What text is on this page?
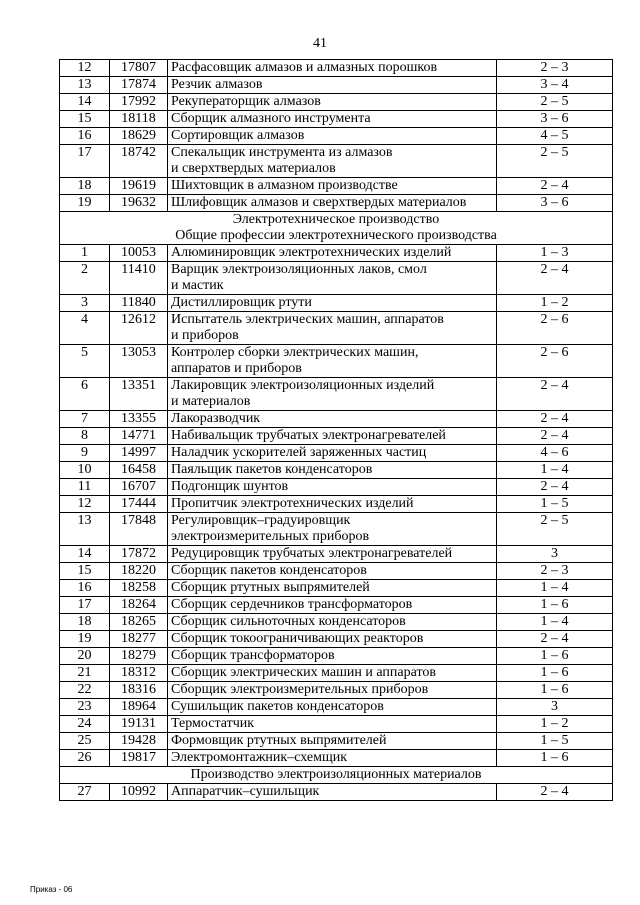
41
12	17807	Расфасовщик алмазов и алмазных порошков	2 – 3
13	17874	Резчик алмазов	3 – 4
14	17992	Рекуператорщик алмазов	2 – 5
15	18118	Сборщик алмазного инструмента	3 – 6
16	18629	Сортировщик алмазов	4 – 5
17	18742	Спекальщик инструмента из алмазов
и сверхтвердых материалов	2 – 5
18	19619	Шихтовщик в алмазном производстве	2 – 4
19	19632	Шлифовщик алмазов и сверхтвердых материалов	3 – 6

Электротехническое производство
Общие профессии электротехнического производства			

1	10053	Алюминировщик электротехнических изделий	1 – 3
2	11410	Варщик электроизоляционных лаков, смол
и мастик	2 – 4
3	11840	Дистиллировщик ртути	1 – 2
4	12612	Испытатель электрических машин, аппаратов
и приборов	2 – 6
5	13053	Контролер сборки электрических машин,
аппаратов и приборов	2 – 6
6	13351	Лакировщик электроизоляционных изделий
и материалов	2 – 4
7	13355	Лакоразводчик	2 – 4
8	14771	Набивальщик трубчатых электронагревателей	2 – 4
9	14997	Наладчик ускорителей заряженных частиц	4 – 6
10	16458	Паяльщик пакетов конденсаторов	1 – 4
11	16707	Подгонщик шунтов	2 – 4
12	17444	Пропитчик электротехнических изделий	1 – 5
13	17848	Регулировщик–градуировщик
электроизмерительных приборов	2 – 5
14	17872	Редуцировщик трубчатых электронагревателей	3
15	18220	Сборщик пакетов конденсаторов	2 – 3
16	18258	Сборщик ртутных выпрямителей	1 – 4
17	18264	Сборщик сердечников трансформаторов	1 – 6
18	18265	Сборщик сильноточных конденсаторов	1 – 4
19	18277	Сборщик токоограничивающих реакторов	2 – 4
20	18279	Сборщик трансформаторов	1 – 6
21	18312	Сборщик электрических машин и аппаратов	1 – 6
22	18316	Сборщик электроизмерительных приборов	1 – 6
23	18964	Сушильщик пакетов конденсаторов	3
24	19131	Термостатчик	1 – 2
25	19428	Формовщик ртутных выпрямителей	1 – 5
26	19817	Электромонтажник–схемщик	1 – 6

Производство электроизоляционных материалов			

27	10992	Аппаратчик–сушильщик	2 – 4
Приказ - 06
